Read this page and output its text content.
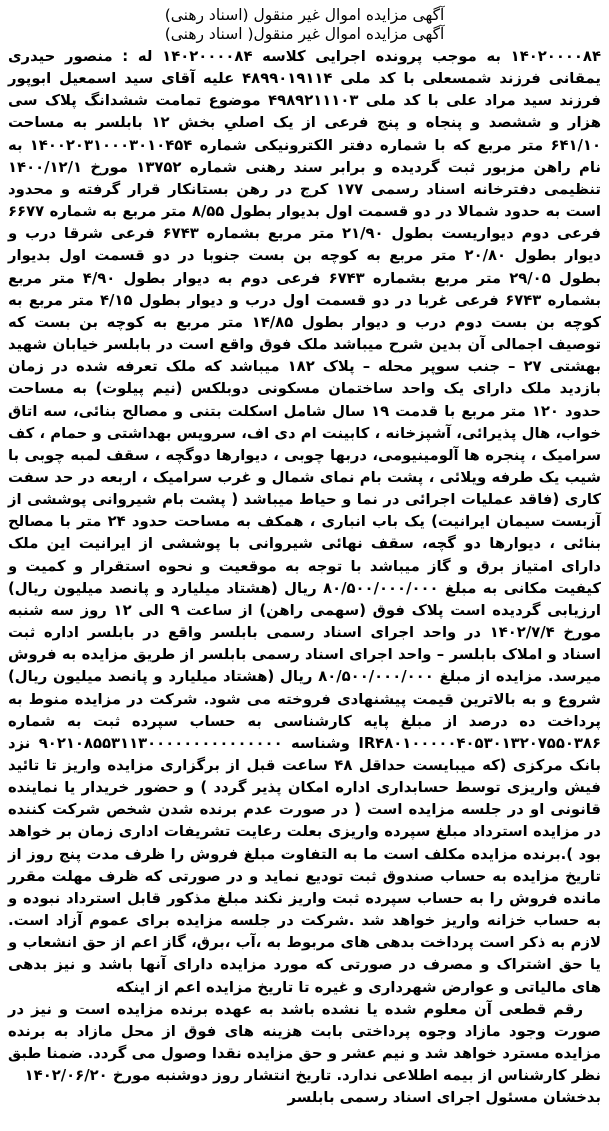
آگهی مزایده اموال غیر منقول (اسناد رهنی)
آگهی مزایده اموال غیر منقول( اسناد رهنی)

۱۴۰۲۰۰۰۰۸۴ به موجب پرونده اجرایی کلاسه ۱۴۰۲۰۰۰۰۸۴ له : منصور حیدری یمقانی فرزند شمسعلی با کد ملی ۴۸۹۹۰۱۹۱۱۴ علیه آقای سید اسمعیل ابوپور فرزند سید مراد علی با کد ملی ۴۹۸۹۲۱۱۱۰۳ موضوع تمامت ششدانگ پلاک سی هزار و ششصد و پنجاه و پنج فرعی از یک اصلیِ بخش ۱۲ بابلسر به مساحت ۶۴۱/۱۰ متر مربع که با شماره دفتر الکترونیکی شماره ۱۴۰۰۲۰۳۱۰۰۰۳۰۱۰۴۵۴ به نام راهن مزبور ثبت گردیده و برابر سند رهنی شماره ۱۳۷۵۲ مورخ ۱۴۰۰/۱۲/۱ تنظیمی دفترخانه اسناد رسمی ۱۷۷ کرج در رهن بستانکار قرار گرفته و محدود است به حدود شمالا در دو قسمت اول بدیوار بطول ۸/۵۵ متر مربع به شماره ۶۶۷۷ فرعی دوم دیواریست بطول ۲۱/۹۰ متر مربع بشماره ۶۷۴۳ فرعی شرقا درب و دیوار بطول ۲۰/۸۰ متر مربع به کوچه بن بست جنوبا در دو قسمت اول بدیوار بطول ۲۹/۰۵ متر مربع بشماره ۶۷۴۳ فرعی دوم به دیوار بطول ۴/۹۰ متر مربع بشماره ۶۷۴۳ فرعی غربا در دو قسمت اول درب و دیوار بطول ۴/۱۵ متر مربع به کوچه بن بست دوم درب و دیوار بطول ۱۴/۸۵ متر مربع به کوچه بن بست که توصیف اجمالی آن بدین شرح میباشد ملک فوق واقع است در بابلسر خیابان شهید بهشتی ۲۷ – جنب سوپر محله – پلاک ۱۸۲ میباشد که ملک تعرفه شده در زمان بازدید ملک دارای یک واحد ساختمان مسکونی دوبلکس (نیم پیلوت) به مساحت حدود ۱۲۰ متر مربع با قدمت ۱۹ سال شامل اسکلت بتنی و مصالح بنائی، سه اتاق خواب، هال پذیرائی، آشپزخانه ، کابینت ام دی اف، سرویس بهداشتی و حمام ، کف سرامیک ، پنجره ها آلومینیومی، دربها چوبی ، دیوارها دوگچه ، سقف لمبه چوبی با شیب یک طرفه ویلائی ، پشت بام نمای شمال و غرب سرامیک ، اربعه در حد سفت کاری (فاقد عملیات اجرائی در نما و حیاط میباشد ( پشت بام شیروانی پوششی از آزبست سیمان ایرانیت) یک باب انباری ، همکف به مساحت حدود ۲۴ متر با مصالح بنائی ، دیوارها دو گچه، سقف نهائی شیروانی با پوششی از ایرانیت این ملک دارای امتیاز برق و گاز میباشد با توجه به موقعیت و نحوه استقرار و کمیت و کیفیت مکانی به مبلغ ۸۰/۵۰۰/۰۰۰/۰۰۰ ریال (هشتاد میلیارد و پانصد میلیون ریال) ارزیابی گردیده است پلاک فوق (سهمی راهن) از ساعت ۹ الی ۱۲ روز سه شنبه مورخ ۱۴۰۲/۷/۴ در واحد اجرای اسناد رسمی بابلسر واقع در بابلسر اداره ثبت اسناد و املاک بابلسر – واحد اجرای اسناد رسمی بابلسر از طریق مزایده به فروش میرسد. مزایده از مبلغ ۸۰/۵۰۰/۰۰۰/۰۰۰ ریال (هشتاد میلیارد و پانصد میلیون ریال) شروع و به بالاترین قیمت پیشنهادی فروخته می شود. شرکت در مزایده منوط به پرداخت ده درصد از مبلغ پایه کارشناسی به حساب سپرده ثبت به شماره IR۴۸۰۱۰۰۰۰۰۴۰۵۳۰۱۳۲۰۷۵۵۰۳۸۶ وشناسه ۹۰۲۱۰۸۵۵۳۱۱۳۰۰۰۰۰۰۰۰۰۰۰۰۰۰۰ نزد بانک مرکزی (که میبایست حداقل ۴۸ ساعت قبل از برگزاری مزایده واریز تا تائید فیش واریزی توسط حسابداری اداره امکان پذیر گردد ) و حضور خریدار یا نماینده قانونی او در جلسه مزایده است ( در صورت عدم برنده شدن شخص شرکت کننده در مزایده استرداد مبلغ سپرده واریزی بعلت رعایت تشریفات اداری زمان بر خواهد بود ).برنده مزایده مکلف است ما به التفاوت مبلغ فروش را ظرف مدت پنج روز از تاریخ مزایده به حساب صندوق ثبت تودیع نماید و در صورتی که ظرف مهلت مقرر مانده فروش را به حساب سپرده ثبت واریز نکند مبلغ مذکور قابل استرداد نبوده و به حساب خزانه واریز خواهد شد .شرکت در جلسه مزایده برای عموم آزاد است. لازم به ذکر است پرداخت بدهی های مربوط به ،آب ،برق، گاز اعم از حق انشعاب و یا حق اشتراک و مصرف در صورتی که مورد مزایده دارای آنها باشد و نیز بدهی های مالیاتی و عوارض شهرداری و غیره تا تاریخ مزایده اعم از اینکه

رقم قطعی آن معلوم شده یا نشده باشد به عهده برنده مزایده است و نیز در صورت وجود مازاد وجوه پرداختی بابت هزینه های فوق از محل مازاد به برنده مزایده مسترد خواهد شد و نیم عشر و حق مزایده نقدا وصول می گردد. ضمنا طبق نظر کارشناس از بیمه اطلاعی ندارد. تاریخ انتشار روز دوشنبه مورخ ۱۴۰۲/۰۶/۲۰

بدخشان مسئول اجرای اسناد رسمی بابلسر
